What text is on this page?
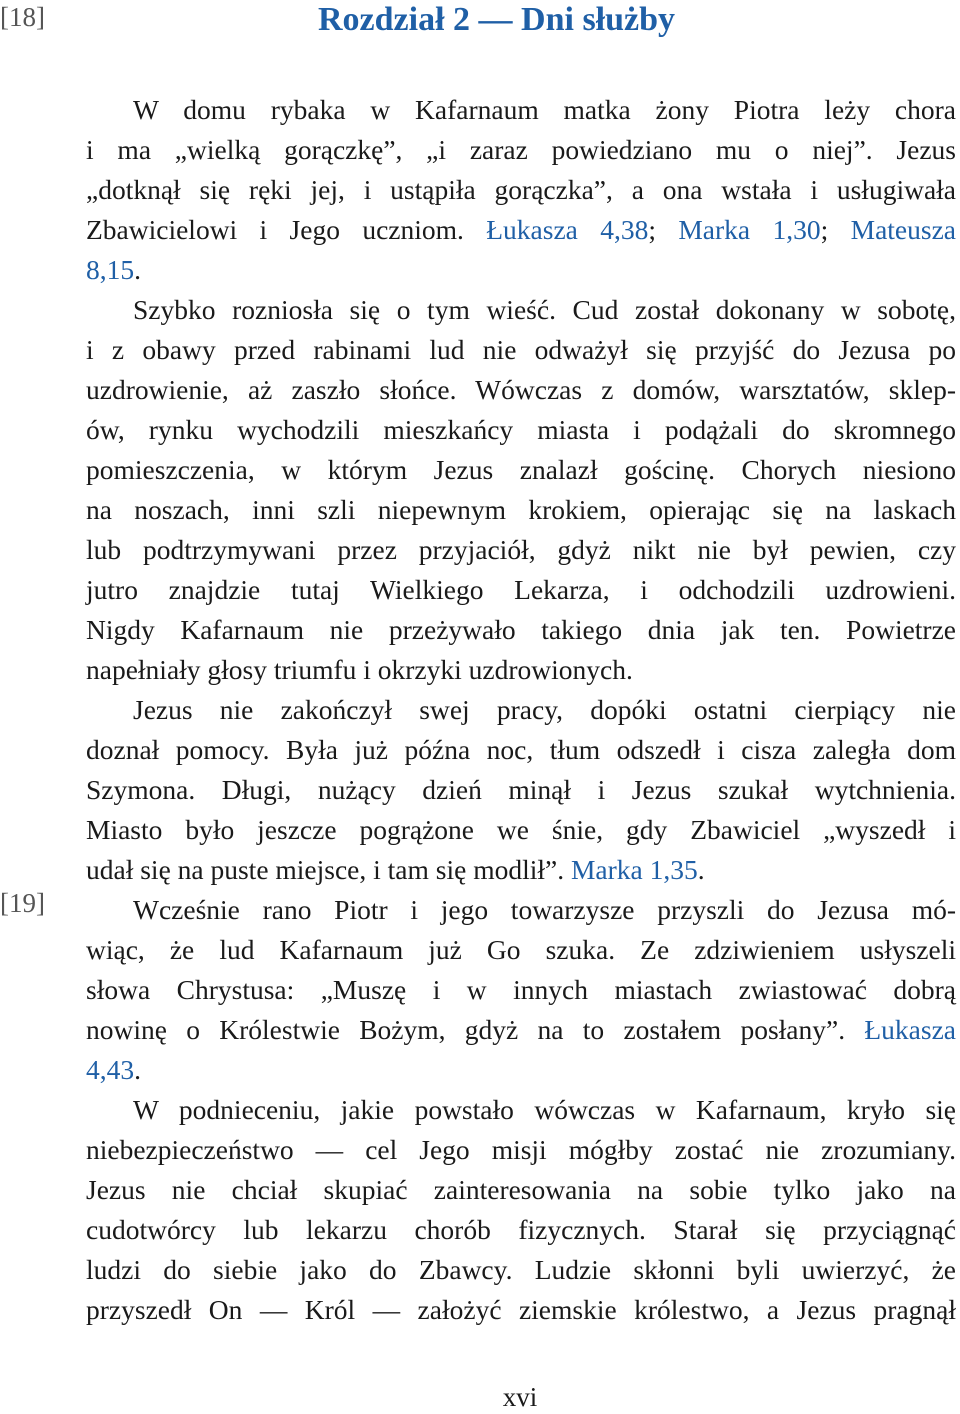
[18]	Rozdział 2 — Dni służby
W domu rybaka w Kafarnaum matka żony Piotra leży chora
i ma „wielką gorączkę”, „i zaraz powiedziano mu o niej”. Jezus
„dotknął się ręki jej, i ustąpiła gorączka”, a ona wstała i usługiwała
Zbawicielowi i Jego uczniom. Łukasza 4,38; Marka 1,30; Mateusza
8,15.
Szybko rozniosła się o tym wieść. Cud został dokonany w sobotę,
i z obawy przed rabinami lud nie odważył się przyjść do Jezusa po
uzdrowienie, aż zaszło słońce. Wówczas z domów, warsztatów, sklep-
ów, rynku wychodzili mieszkańcy miasta i podążali do skromnego
pomieszczenia, w którym Jezus znalazł gościnę. Chorych niesiono
na noszach, inni szli niepewnym krokiem, opierając się na laskach
lub podtrzymywani przez przyjaciół, gdyż nikt nie był pewien, czy
jutro znajdzie tutaj Wielkiego Lekarza, i odchodzili uzdrowieni.
Nigdy Kafarnaum nie przeżywało takiego dnia jak ten. Powietrze
napełniały głosy triumfu i okrzyki uzdrowionych.
Jezus nie zakończył swej pracy, dopóki ostatni cierpiący nie
doznał pomocy. Była już późna noc, tłum odszedł i cisza zaległa dom
Szymona. Długi, nużący dzień minął i Jezus szukał wytchnienia.
Miasto było jeszcze pogrążone we śnie, gdy Zbawiciel „wyszedł i
udał się na puste miejsce, i tam się modlił”. Marka 1,35.
[19]	Wcześnie rano Piotr i jego towarzysze przyszli do Jezusa mó-
wiąc, że lud Kafarnaum już Go szuka. Ze zdziwieniem usłyszeli
słowa Chrystusa: „Muszę i w innych miastach zwiastować dobrą
nowinę o Królestwie Bożym, gdyż na to zostałem posłany”. Łukasza
4,43.
W podnieceniu, jakie powstało wówczas w Kafarnaum, kryło się
niebezpieczeństwo — cel Jego misji mógłby zostać nie zrozumiany.
Jezus nie chciał skupiać zainteresowania na sobie tylko jako na
cudotwórcy lub lekarzu chorób fizycznych. Starał się przyciągnąć
ludzi do siebie jako do Zbawcy. Ludzie skłonni byli uwierzyć, że
przyszedł On — Król — założyć ziemskie królestwo, a Jezus pragnął
xvi
